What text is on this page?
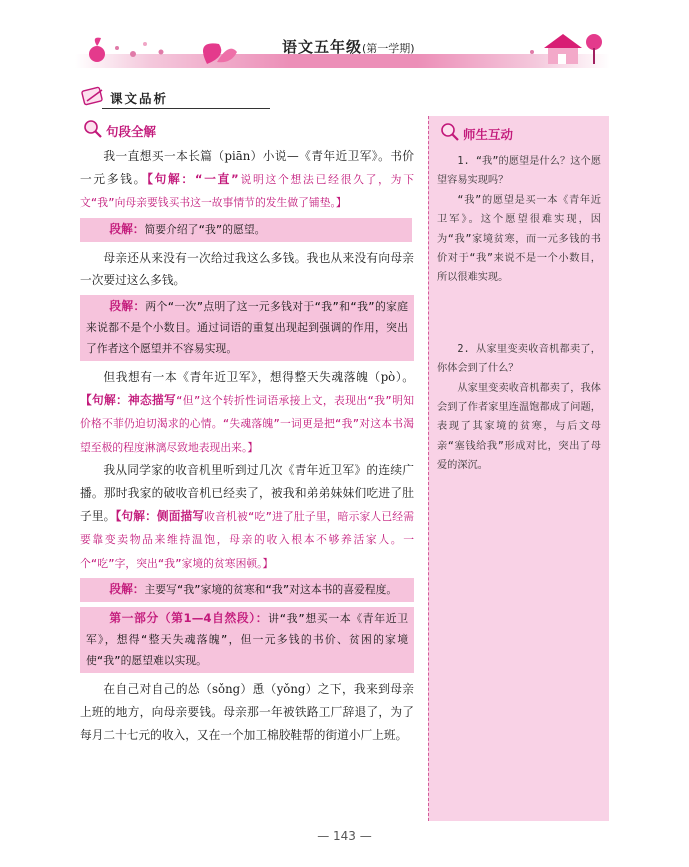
语文五年级(第一学期)
课文品析
句段全解

我一直想买一本长篇（piān）小说—《青年近卫军》。书价一元多钱。【句解：“一直”说明这个想法已经很久了，为下文“我”向母亲要钱买书这一故事情节的发生做了铺垫。】

段解：简要介绍了“我”的愿望。

母亲还从来没有一次给过我这么多钱。我也从来没有向母亲一次要过这么多钱。

段解：两个“一次”点明了这一元多钱对于“我”和“我”的家庭来说都不是个小数目。通过词语的重复出现起到强调的作用，突出了作者这个愿望并不容易实现。

但我想有一本《青年近卫军》，想得整天失魂落魄（pò）。【句解：神态描写“但”这个转折性词语承接上文，表现出“我”明知价格不菲仍迫切渴求的心情。“失魂落魄”一词更是把“我”对这本书渴望至极的程度淋漓尽致地表现出来。】

我从同学家的收音机里听到过几次《青年近卫军》的连续广播。那时我家的破收音机已经卖了，被我和弟弟妹妹们吃进了肚子里。【句解：侧面描写收音机被“吃”进了肚子里，暗示家人已经需要靠变卖物品来维持温饱，母亲的收入根本不够养活家人。一个“吃”字，突出“我”家境的贫寒困顿。】

段解：主要写“我”家境的贫寒和“我”对这本书的喜爱程度。

第一部分（第1—4自然段）：讲“我”想买一本《青年近卫军》，想得“整天失魂落魄”，但一元多钱的书价、贫困的家境使“我”的愿望难以实现。

在自己对自己的怂（sǒng）恿（yǒng）之下，我来到母亲上班的地方，向母亲要钱。母亲那一年被铁路工厂辞退了，为了每月二十七元的收入，又在一个加工棉胶鞋帮的街道小厂上班。

师生互动

1. “我”的愿望是什么？这个愿望容易实现吗？

“我”的愿望是买一本《青年近卫军》。这个愿望很难实现，因为“我”家境贫寒，而一元多钱的书价对于“我”来说不是一个小数目，所以很难实现。

2. 从家里变卖收音机都卖了，你体会到了什么？

从家里变卖收音机都卖了，我体会到了作者家里连温饱都成了问题，表现了其家境的贫寒，与后文母亲“塞钱给我”形成对比，突出了母爱的深沉。

— 143 —
